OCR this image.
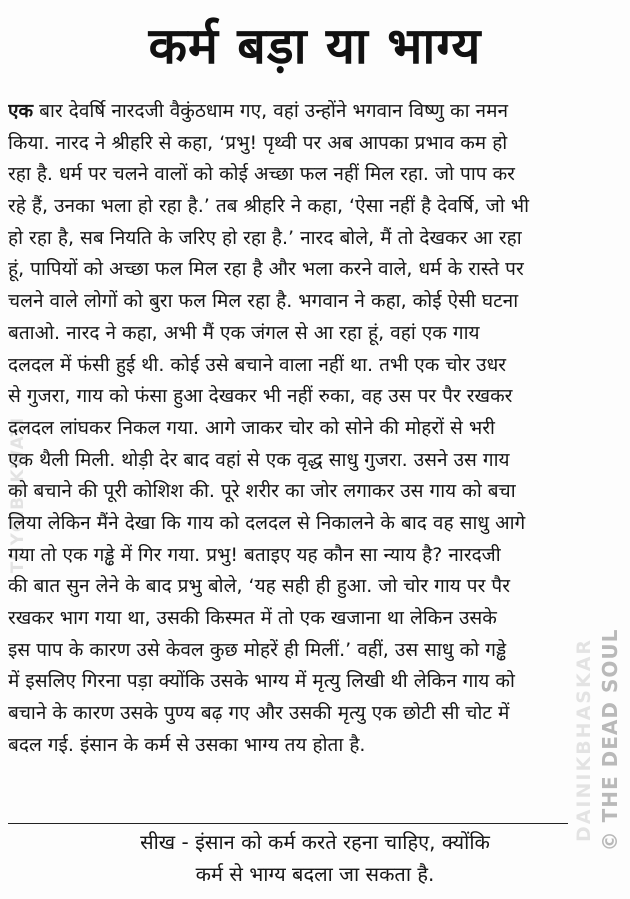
THYGIBSKWATI
DAINIKBHASKAR © THE DEAD SOUL
कर्म बड़ा या भाग्य
एक बार देवर्षि नारदजी वैकुंठधाम गए, वहां उन्होंने भगवान विष्णु का नमन
किया. नारद ने श्रीहरि से कहा, ‘प्रभु! पृथ्वी पर अब आपका प्रभाव कम हो
रहा है. धर्म पर चलने वालों को कोई अच्छा फल नहीं मिल रहा. जो पाप कर
रहे हैं, उनका भला हो रहा है.’ तब श्रीहरि ने कहा, ‘ऐसा नहीं है देवर्षि, जो भी
हो रहा है, सब नियति के जरिए हो रहा है.’ नारद बोले, मैं तो देखकर आ रहा
हूं, पापियों को अच्छा फल मिल रहा है और भला करने वाले, धर्म के रास्ते पर
चलने वाले लोगों को बुरा फल मिल रहा है. भगवान ने कहा, कोई ऐसी घटना
बताओ. नारद ने कहा, अभी मैं एक जंगल से आ रहा हूं, वहां एक गाय
दलदल में फंसी हुई थी. कोई उसे बचाने वाला नहीं था. तभी एक चोर उधर
से गुजरा, गाय को फंसा हुआ देखकर भी नहीं रुका, वह उस पर पैर रखकर
दलदल लांघकर निकल गया. आगे जाकर चोर को सोने की मोहरों से भरी
एक थैली मिली. थोड़ी देर बाद वहां से एक वृद्ध साधु गुजरा. उसने उस गाय
को बचाने की पूरी कोशिश की. पूरे शरीर का जोर लगाकर उस गाय को बचा
लिया लेकिन मैंने देखा कि गाय को दलदल से निकालने के बाद वह साधु आगे
गया तो एक गड्ढे में गिर गया. प्रभु! बताइए यह कौन सा न्याय है? नारदजी
की बात सुन लेने के बाद प्रभु बोले, ‘यह सही ही हुआ. जो चोर गाय पर पैर
रखकर भाग गया था, उसकी किस्मत में तो एक खजाना था लेकिन उसके
इस पाप के कारण उसे केवल कुछ मोहरें ही मिलीं.’ वहीं, उस साधु को गड्ढे
में इसलिए गिरना पड़ा क्योंकि उसके भाग्य में मृत्यु लिखी थी लेकिन गाय को
बचाने के कारण उसके पुण्य बढ़ गए और उसकी मृत्यु एक छोटी सी चोट में
बदल गई. इंसान के कर्म से उसका भाग्य तय होता है.
सीख - इंसान को कर्म करते रहना चाहिए, क्योंकि
कर्म से भाग्य बदला जा सकता है.
